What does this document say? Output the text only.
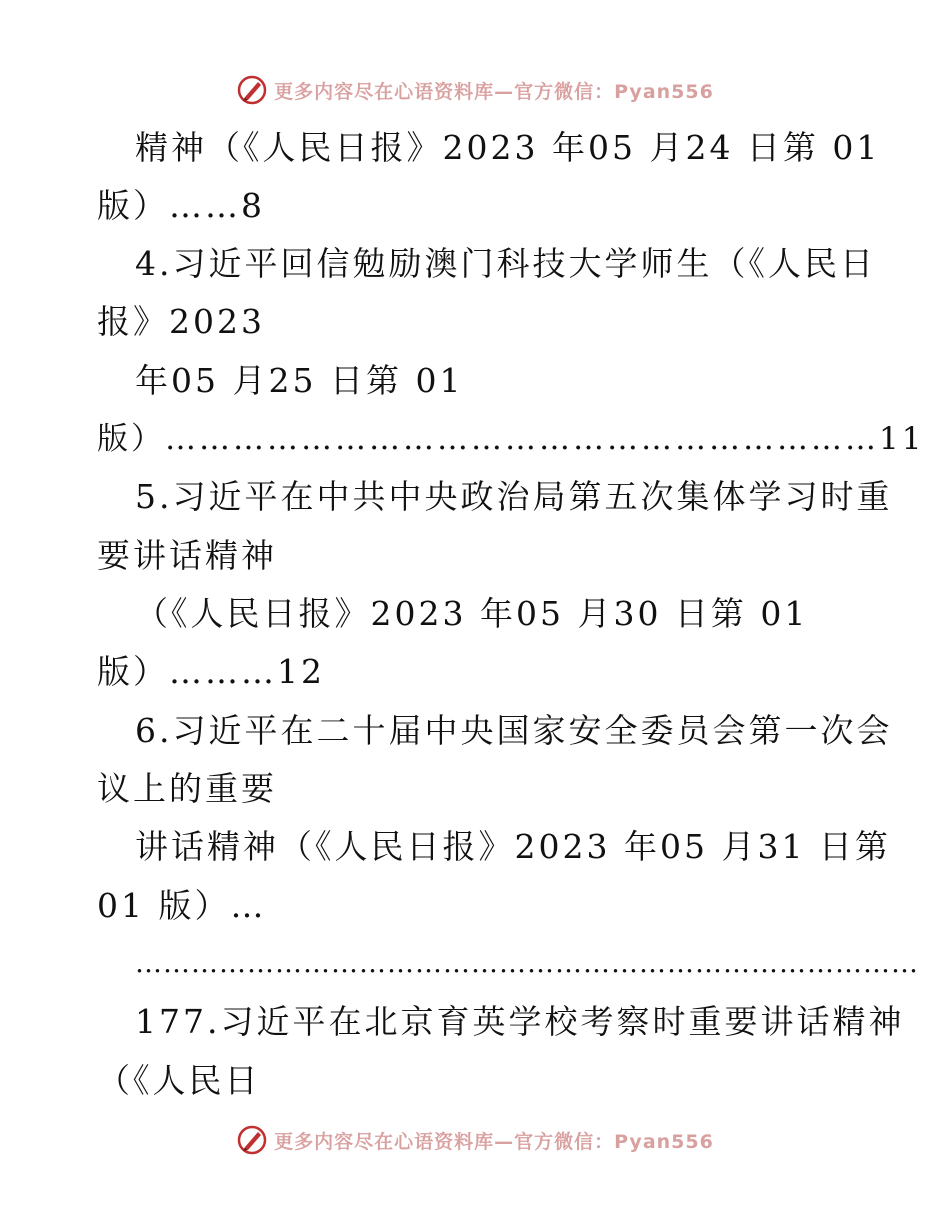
更多内容尽在心语资料库—官方微信：Pyan556
精神（《人民日报》2023 年05 月24 日第 01
版）……8
4.习近平回信勉励澳门科技大学师生（《人民日
报》2023
年05 月25 日第 01
版）………………………………………………………11
5.习近平在中共中央政治局第五次集体学习时重
要讲话精神
（《人民日报》2023 年05 月30 日第 01
版）………12
6.习近平在二十届中央国家安全委员会第一次会
议上的重要
讲话精神（《人民日报》2023 年05 月31 日第
01 版）…
…………………………………………………………………………
177.习近平在北京育英学校考察时重要讲话精神
（《人民日
更多内容尽在心语资料库—官方微信：Pyan556
